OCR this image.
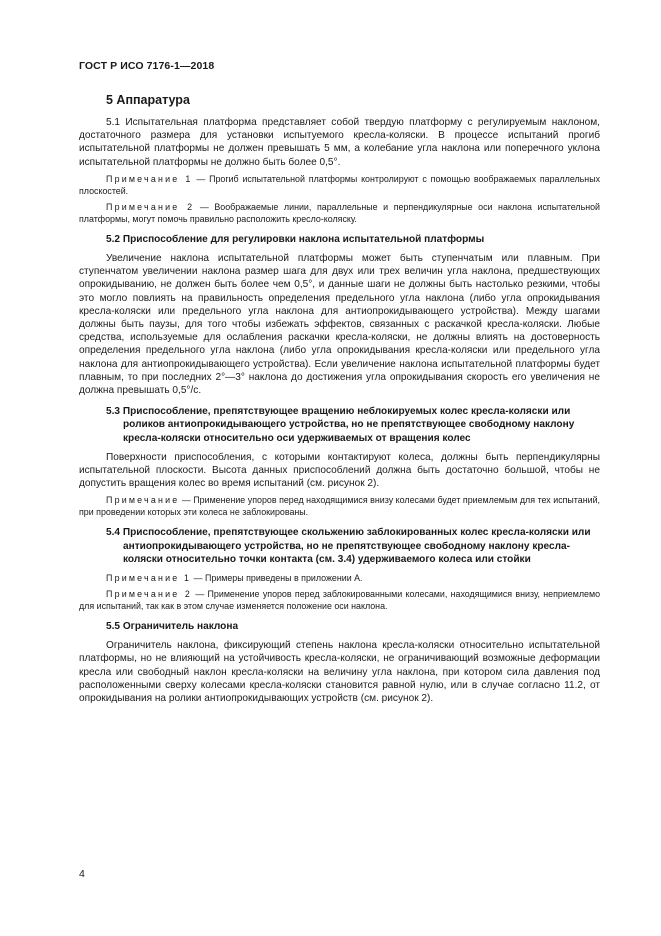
ГОСТ Р ИСО 7176-1—2018
5 Аппаратура

5.1 Испытательная платформа представляет собой твердую платформу с регулируемым наклоном, достаточного размера для установки испытуемого кресла-коляски. В процессе испытаний прогиб испытательной платформы не должен превышать 5 мм, а колебание угла наклона или поперечного уклона испытательной платформы не должно быть более 0,5°.

Примечание 1 — Прогиб испытательной платформы контролируют с помощью воображаемых параллельных плоскостей.

Примечание 2 — Воображаемые линии, параллельные и перпендикулярные оси наклона испытательной платформы, могут помочь правильно расположить кресло-коляску.

5.2 Приспособление для регулировки наклона испытательной платформы

Увеличение наклона испытательной платформы может быть ступенчатым или плавным. При ступенчатом увеличении наклона размер шага для двух или трех величин угла наклона, предшествующих опрокидыванию, не должен быть более чем 0,5°, и данные шаги не должны быть настолько резкими, чтобы это могло повлиять на правильность определения предельного угла наклона (либо угла опрокидывания кресла-коляски или предельного угла наклона для антиопрокидывающего устройства). Между шагами должны быть паузы, для того чтобы избежать эффектов, связанных с раскачкой кресла-коляски. Любые средства, используемые для ослабления раскачки кресла-коляски, не должны влиять на достоверность определения предельного угла наклона (либо угла опрокидывания кресла-коляски или предельного угла наклона для антиопрокидывающего устройства). Если увеличение наклона испытательной платформы будет плавным, то при последних 2°—3° наклона до достижения угла опрокидывания скорость его увеличения не должна превышать 0,5°/с.

5.3 Приспособление, препятствующее вращению неблокируемых колес кресла-коляски или роликов антиопрокидывающего устройства, но не препятствующее свободному наклону кресла-коляски относительно оси удерживаемых от вращения колес

Поверхности приспособления, с которыми контактируют колеса, должны быть перпендикулярны испытательной плоскости. Высота данных приспособлений должна быть достаточно большой, чтобы не допустить вращения колес во время испытаний (см. рисунок 2).

Примечание — Применение упоров перед находящимися внизу колесами будет приемлемым для тех испытаний, при проведении которых эти колеса не заблокированы.

5.4 Приспособление, препятствующее скольжению заблокированных колес кресла-коляски или антиопрокидывающего устройства, но не препятствующее свободному наклону кресла-коляски относительно точки контакта (см. 3.4) удерживаемого колеса или стойки

Примечание 1 — Примеры приведены в приложении А.

Примечание 2 — Применение упоров перед заблокированными колесами, находящимися внизу, неприемлемо для испытаний, так как в этом случае изменяется положение оси наклона.

5.5 Ограничитель наклона

Ограничитель наклона, фиксирующий степень наклона кресла-коляски относительно испытательной платформы, но не влияющий на устойчивость кресла-коляски, не ограничивающий возможные деформации кресла или свободный наклон кресла-коляски на величину угла наклона, при котором сила давления под расположенными сверху колесами кресла-коляски становится равной нулю, или в случае согласно 11.2, от опрокидывания на ролики антиопрокидывающих устройств (см. рисунок 2).

4
